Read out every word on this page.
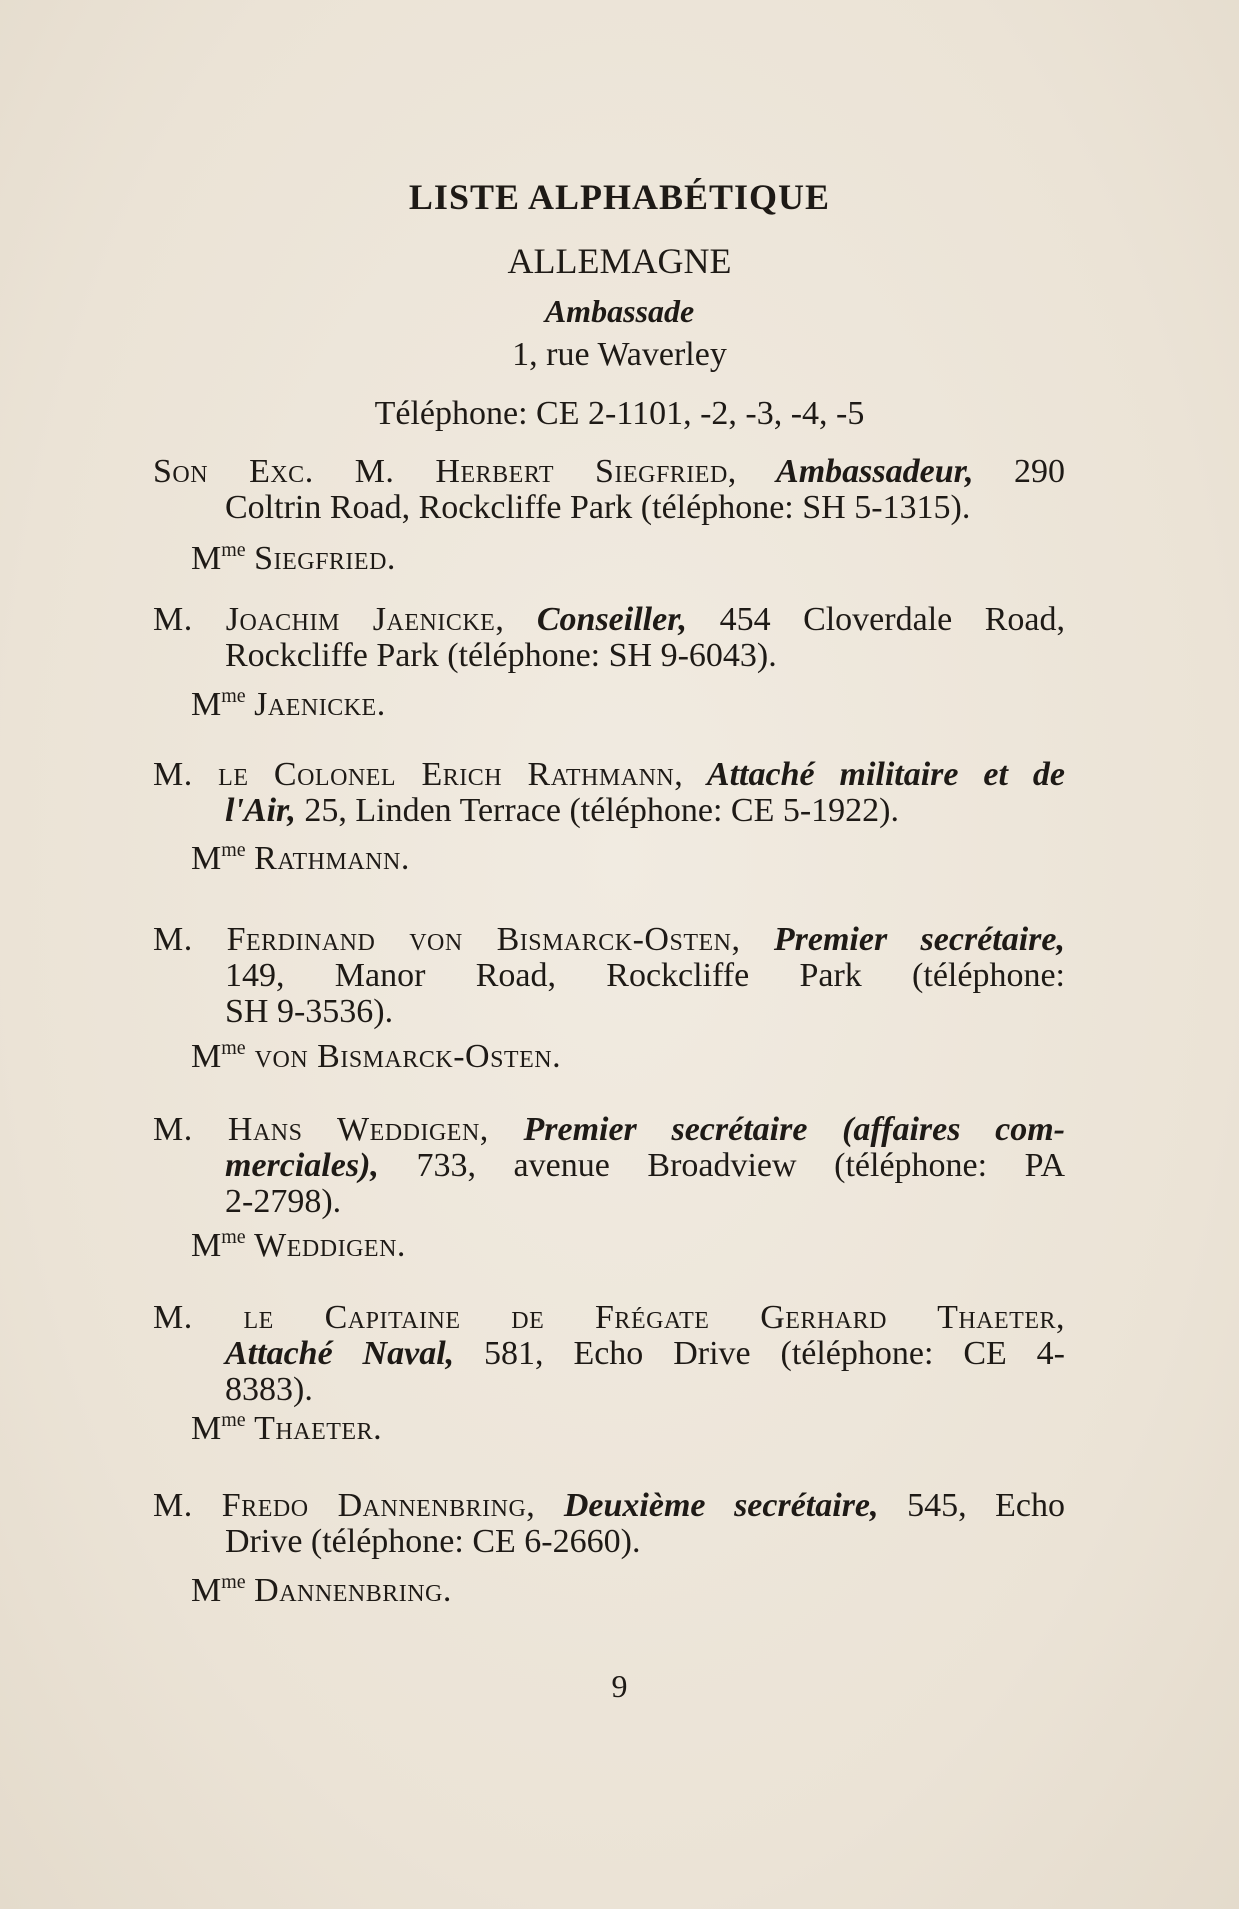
LISTE ALPHABÉTIQUE
ALLEMAGNE
Ambassade
1, rue Waverley
Téléphone: CE 2-1101, -2, -3, -4, -5
Son Exc. M. Herbert Siegfried, Ambassadeur, 290
Coltrin Road, Rockcliffe Park (téléphone: SH 5-1315).
$M^{me}$ Siegfried.
M. Joachim Jaenicke, Conseiller, 454 Cloverdale Road,
Rockcliffe Park (téléphone: SH 9-6043).
$M^{me}$ Jaenicke.
M. le Colonel Erich Rathmann, Attaché militaire et de
l'Air, 25, Linden Terrace (téléphone: CE 5-1922).
$M^{me}$ Rathmann.
M. Ferdinand von Bismarck-Osten, Premier secrétaire,
149, Manor Road, Rockcliffe Park (téléphone:
SH 9-3536).
$M^{me}$ von Bismarck-Osten.
M. Hans Weddigen, Premier secrétaire (affaires com-
merciales), 733, avenue Broadview (téléphone: PA
2-2798).
$M^{me}$ Weddigen.
M. le Capitaine de Frégate Gerhard Thaeter,
Attaché Naval, 581, Echo Drive (téléphone: CE 4-
8383).
$M^{me}$ Thaeter.
M. Fredo Dannenbring, Deuxième secrétaire, 545, Echo
Drive (téléphone: CE 6-2660).
$M^{me}$ Dannenbring.
9
